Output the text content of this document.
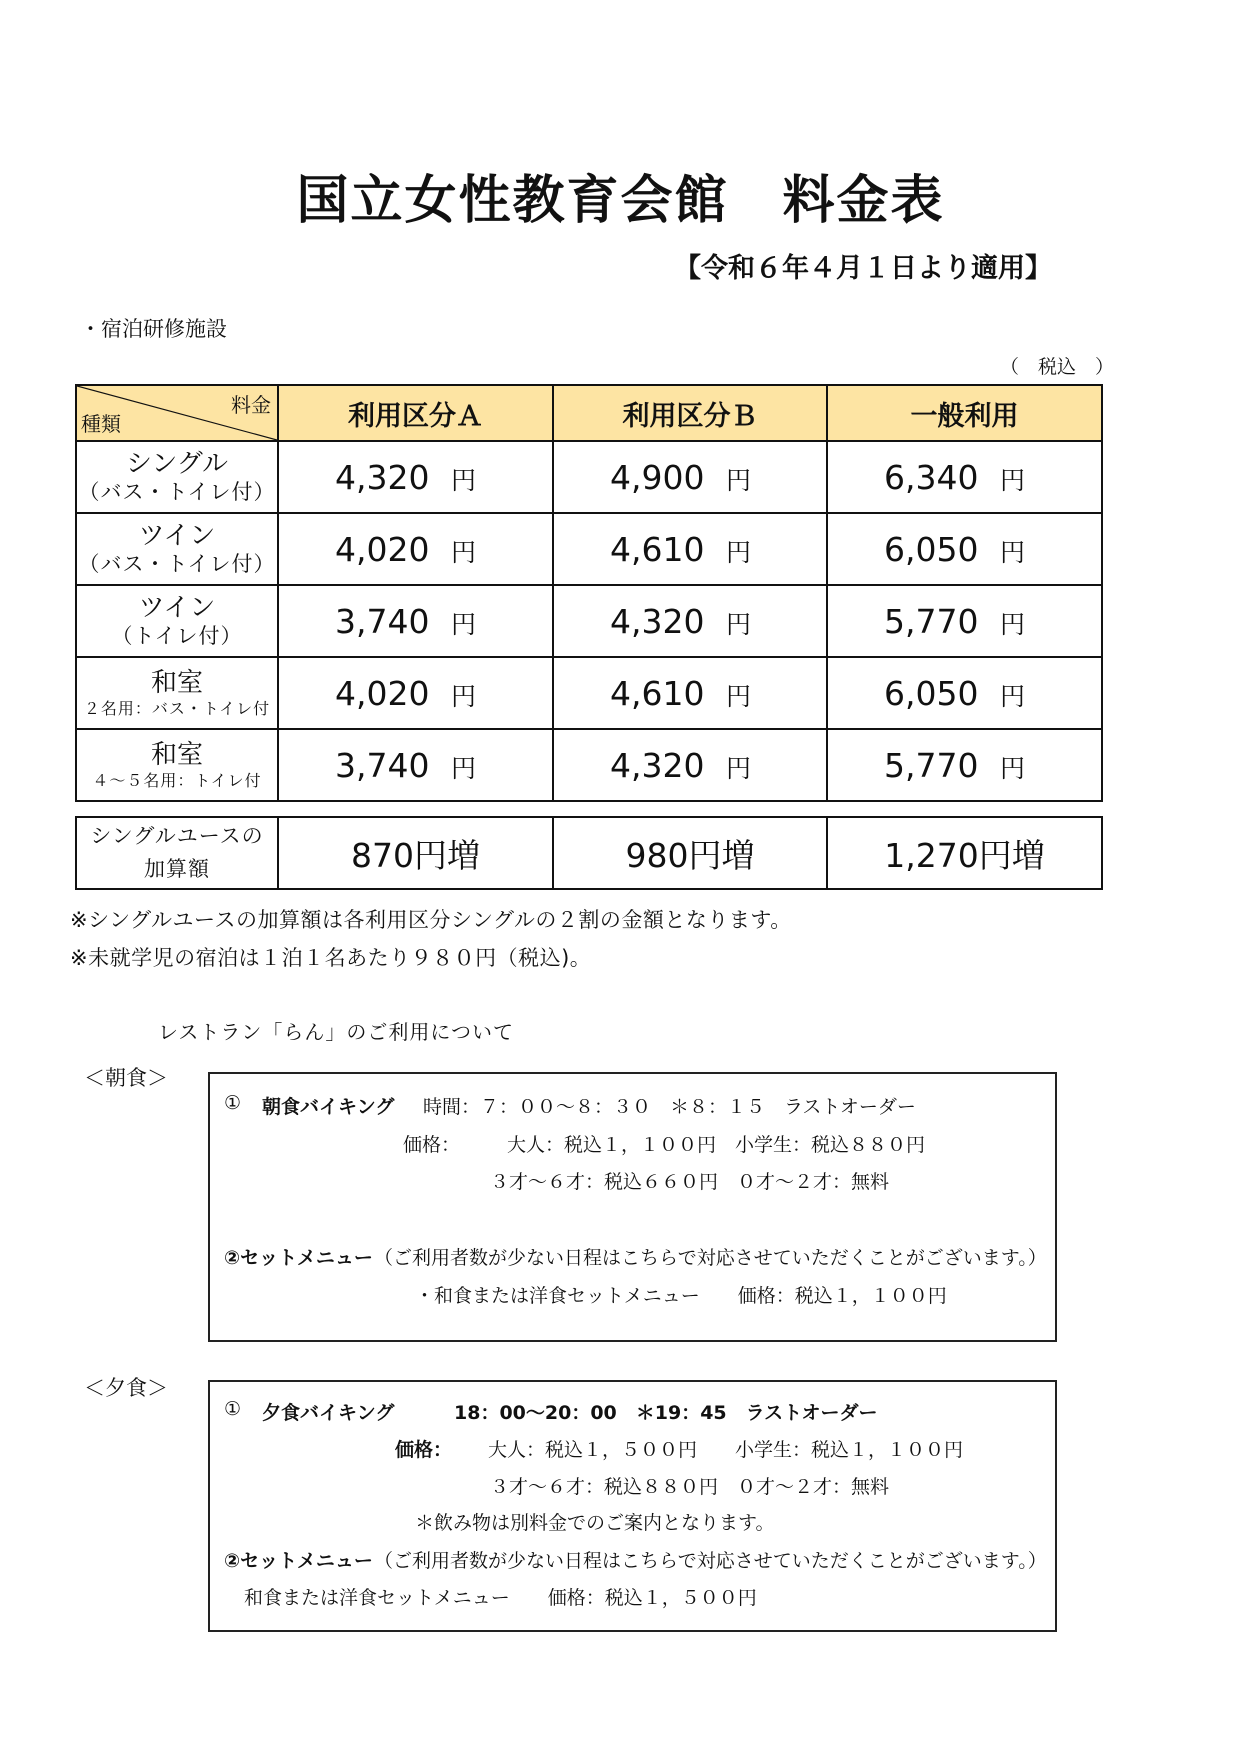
国立女性教育会館　料金表
【令和６年４月１日より適用】
・宿泊研修施設
（　税込　）
料金
種類	利用区分Ａ	利用区分Ｂ	一般利用

シングル
（バス・トイレ付）	4,320 円	4,900 円	6,340 円

ツイン
（バス・トイレ付）	4,020 円	4,610 円	6,050 円

ツイン
（トイレ付）	3,740 円	4,320 円	5,770 円

和室
２名用：バス・トイレ付	4,020 円	4,610 円	6,050 円

和室
４～５名用：トイレ付	3,740 円	4,320 円	5,770 円
シングルユースの
加算額	870円増	980円増	1,270円増
※シングルユースの加算額は各利用区分シングルの２割の金額となります。
※未就学児の宿泊は１泊１名あたり９８０円（税込)。
レストラン「らん」のご利用について
＜朝食＞
① 朝食バイキング 時間：７：００～８：３０　＊８：１５　ラストオーダー
価格： 大人：税込１，１００円　小学生：税込８８０円
３才～６才：税込６６０円　０才～２才：無料
②セットメニュー （ご利用者数が少ない日程はこちらで対応させていただくことがございます。）
・和食または洋食セットメニュー　　価格：税込１，１００円
＜夕食＞
① 夕食バイキング	18：00～20：00　＊19：45　ラストオーダー
価格： 大人：税込１，５００円　　小学生：税込１，１００円
３才～６才：税込８８０円　０才～２才：無料
＊飲み物は別料金でのご案内となります。
②セットメニュー （ご利用者数が少ない日程はこちらで対応させていただくことがございます。）
和食または洋食セットメニュー　　価格：税込１，５００円
